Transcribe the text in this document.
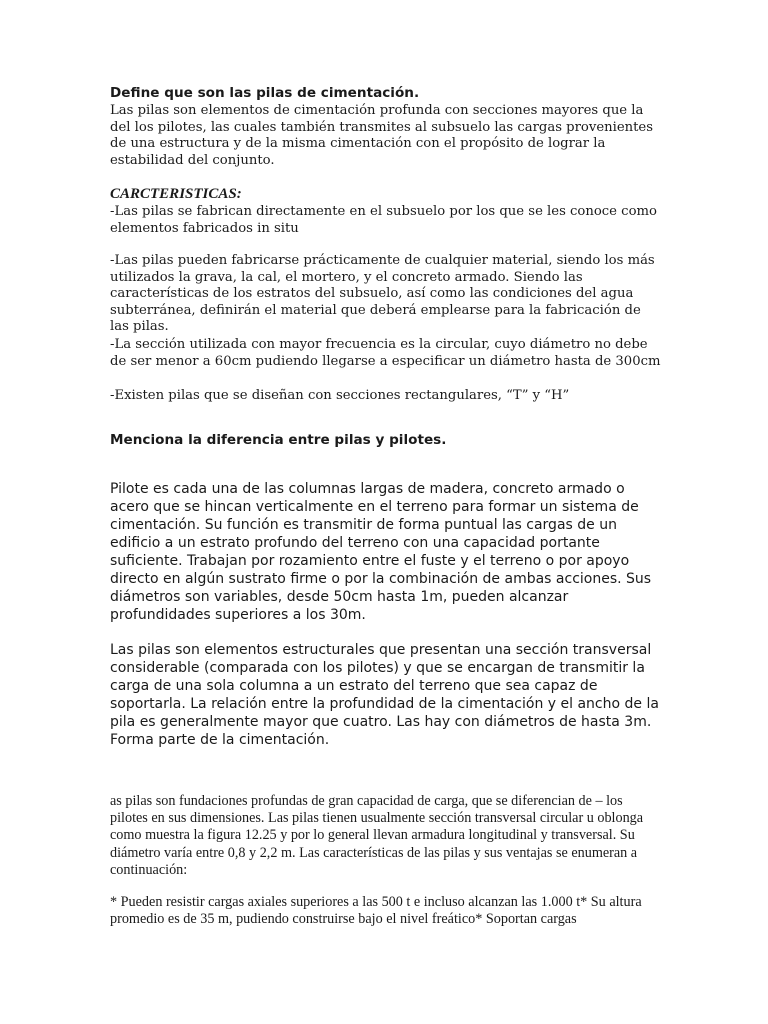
Define que son las pilas de cimentación.

Las pilas son elementos de cimentación profunda con secciones mayores que la del los pilotes, las cuales también transmites al subsuelo las cargas provenientes de una estructura y de la misma cimentación con el propósito de lograr la estabilidad del conjunto.

CARCTERISTICAS:

-Las pilas se fabrican directamente en el subsuelo por los que se les conoce como elementos fabricados in situ

-Las pilas pueden fabricarse prácticamente de cualquier material, siendo los más utilizados la grava, la cal, el mortero, y el concreto armado. Siendo las características de los estratos del subsuelo, así como las condiciones del agua subterránea, definirán el material que deberá emplearse para la fabricación de las pilas.

-La sección utilizada con mayor frecuencia es la circular, cuyo diámetro no debe de ser menor a 60cm pudiendo llegarse a especificar un diámetro hasta de 300cm

-Existen pilas que se diseñan con secciones rectangulares, “T” y “H”

Menciona la diferencia entre pilas y pilotes.

Pilote es cada una de las columnas largas de madera, concreto armado o acero que se hincan verticalmente en el terreno para formar un sistema de cimentación. Su función es transmitir de forma puntual las cargas de un edificio a un estrato profundo del terreno con una capacidad portante suficiente. Trabajan por rozamiento entre el fuste y el terreno o por apoyo directo en algún sustrato firme o por la combinación de ambas acciones. Sus diámetros son variables, desde 50cm hasta 1m, pueden alcanzar profundidades superiores a los 30m.

Las pilas son elementos estructurales que presentan una sección transversal considerable (comparada con los pilotes) y que se encargan de transmitir la carga de una sola columna a un estrato del terreno que sea capaz de soportarla. La relación entre la profundidad de la cimentación y el ancho de la pila es generalmente mayor que cuatro. Las hay con diámetros de hasta 3m. Forma parte de la cimentación.

as pilas son fundaciones profundas de gran capacidad de carga, que se diferencian de – los pilotes en sus dimensiones. Las pilas tienen usualmente sección transversal circular u oblonga como muestra la figura 12.25 y por lo general llevan armadura longitudinal y transversal. Su diámetro varía entre 0,8 y 2,2 m. Las características de las pilas y sus ventajas se enumeran a continuación:

* Pueden resistir cargas axiales superiores a las 500 t e incluso alcanzan las 1.000 t* Su altura promedio es de 35 m, pudiendo construirse bajo el nivel freático* Soportan cargas
